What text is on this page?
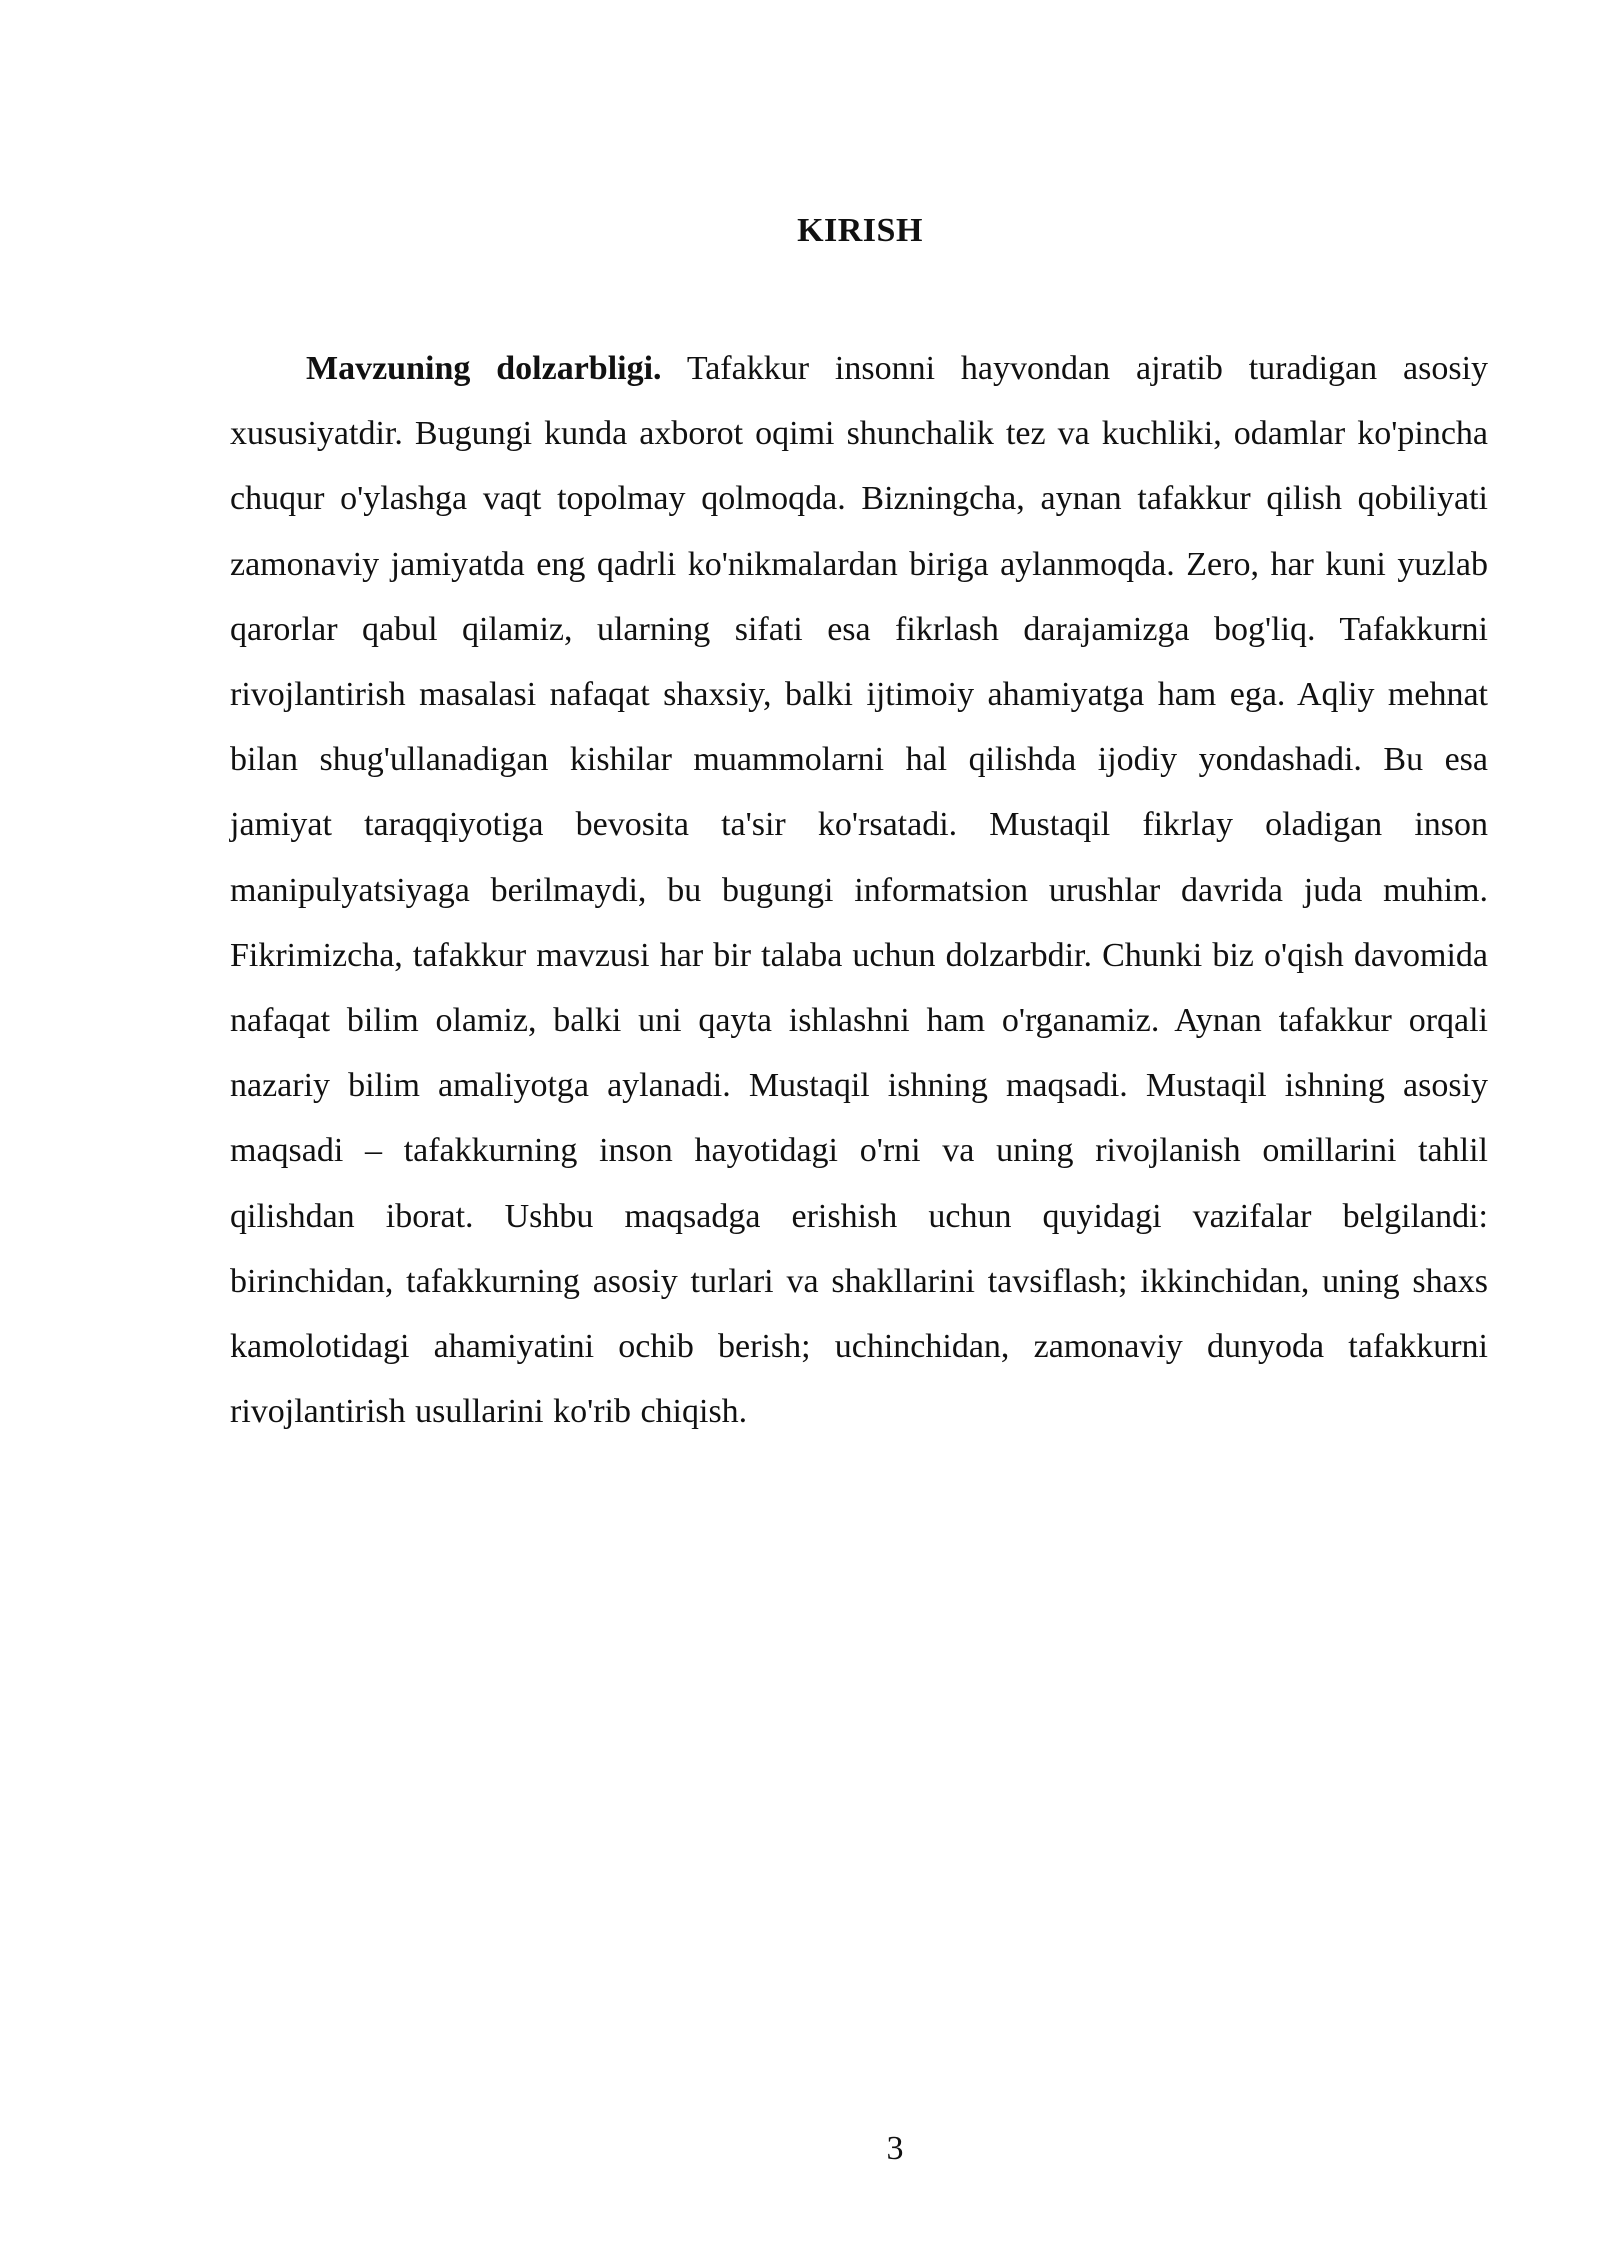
KIRISH

Mavzuning dolzarbligi. Tafakkur insonni hayvondan ajratib turadigan asosiy xususiyatdir. Bugungi kunda axborot oqimi shunchalik tez va kuchliki, odamlar ko'pincha chuqur o'ylashga vaqt topolmay qolmoqda. Bizningcha, aynan tafakkur qilish qobiliyati zamonaviy jamiyatda eng qadrli ko'nikmalardan biriga aylanmoqda. Zero, har kuni yuzlab qarorlar qabul qilamiz, ularning sifati esa fikrlash darajamizga bog'liq. Tafakkurni rivojlantirish masalasi nafaqat shaxsiy, balki ijtimoiy ahamiyatga ham ega. Aqliy mehnat bilan shug'ullanadigan kishilar muammolarni hal qilishda ijodiy yondashadi. Bu esa jamiyat taraqqiyotiga bevosita ta'sir ko'rsatadi. Mustaqil fikrlay oladigan inson manipulyatsiyaga berilmaydi, bu bugungi informatsion urushlar davrida juda muhim. Fikrimizcha, tafakkur mavzusi har bir talaba uchun dolzarbdir. Chunki biz o'qish davomida nafaqat bilim olamiz, balki uni qayta ishlashni ham o'rganamiz. Aynan tafakkur orqali nazariy bilim amaliyotga aylanadi. Mustaqil ishning maqsadi. Mustaqil ishning asosiy maqsadi – tafakkurning inson hayotidagi o'rni va uning rivojlanish omillarini tahlil qilishdan iborat. Ushbu maqsadga erishish uchun quyidagi vazifalar belgilandi: birinchidan, tafakkurning asosiy turlari va shakllarini tavsiflash; ikkinchidan, uning shaxs kamolotidagi ahamiyatini ochib berish; uchinchidan, zamonaviy dunyoda tafakkurni rivojlantirish usullarini ko'rib chiqish.

3
